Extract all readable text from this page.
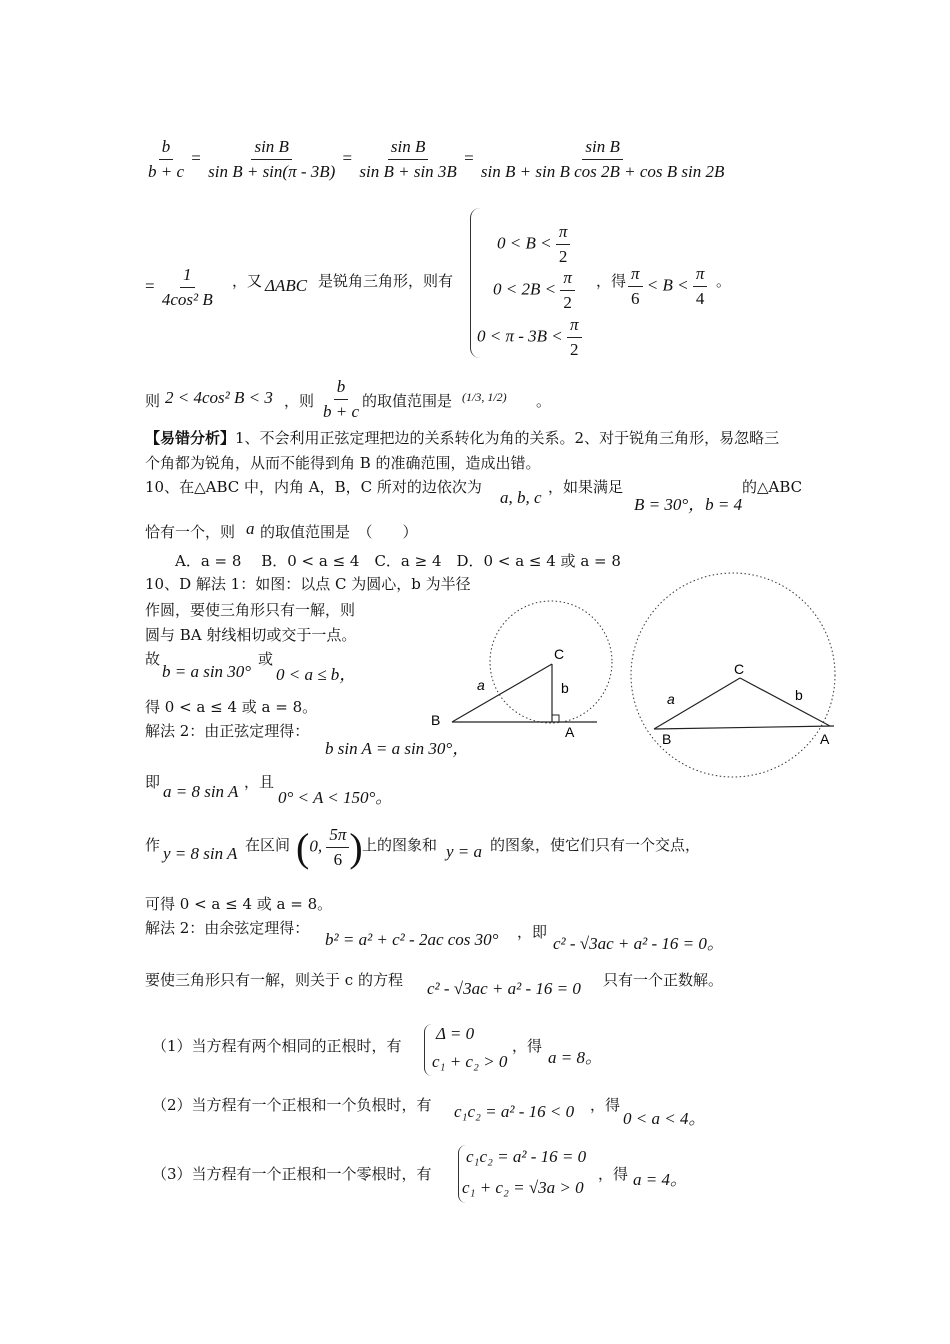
$\frac{b}{b + c} = \frac{\text{sin B}}{\text{sin B + sin(π - 3B)}} = \frac{\text{sin B}}{\text{sin B + sin 3B}} = \frac{\text{sin B}}{\text{sin B + sin B cos 2B + cos B sin 2B}}$
= $\frac{1}{\text{4cos² B}}$ ，又 ΔABC 是锐角三角形，则有
$0 < B < \frac{\pi}{2}$
$0 < 2B < \frac{\pi}{2}$
$0 < \pi - 3B < \frac{\pi}{2}$
，得 $\frac{\pi}{6} < B < \frac{\pi}{4}$ 。
则 2 < 4cos² B < 3 ，则 $\frac{b}{b + c}$ 的取值范围是 (1/3, 1/2) 。
【易错分析】1、不会利用正弦定理把边的关系转化为角的关系。2、对于锐角三角形，易忽略三
个角都为锐角，从而不能得到角 B 的准确范围，造成出错。
10、在△ABC 中，内角 A，B，C 所对的边依次为
a, b, c
，如果满足
B = 30°，b = 4
的△ABC
恰有一个，则 a 的取值范围是　（　　）
A．a = 8　 B．0 < a ≤ 4　C．a ≥ 4　D．0 < a ≤ 4 或 a = 8
10、D 解法 1：如图：以点 C 为圆心，b 为半径
作圆，要使三角形只有一解，则
圆与 BA 射线相切或交于一点。
故
b = a sin 30°
或
0 < a ≤ b，
得 0 < a ≤ 4 或 a = 8。
解法 2：由正弦定理得：
b sin A = a sin 30°，
即 a = 8 sin A ，且
0° < A < 150°。
作 y = 8 sin A 在区间 (0, $\frac{5\pi}{6}$ ) 上的图象和 y = a 的图象，使它们只有一个交点，
可得 0 < a ≤ 4 或 a = 8。
解法 2：由余弦定理得：
b² = a² + c² - 2ac cos 30° ，即
c² - √3ac + a² - 16 = 0。
要使三角形只有一解，则关于 c 的方程 c² - √3ac + a² - 16 = 0 只有一个正数解。
（1）当方程有两个相同的正根时，有
Δ = 0
c₁ + c₂ > 0
，得
a = 8。
（2）当方程有一个正根和一个负根时，有 c₁c₂ = a² - 16 < 0 ，得
0 < a < 4。
（3）当方程有一个正根和一个零根时，有
c₁c₂ = a² - 16 = 0
c₁ + c₂ = √3a > 0
，得 a = 4。
B
A
C
a	b
B	A
C
a	b
